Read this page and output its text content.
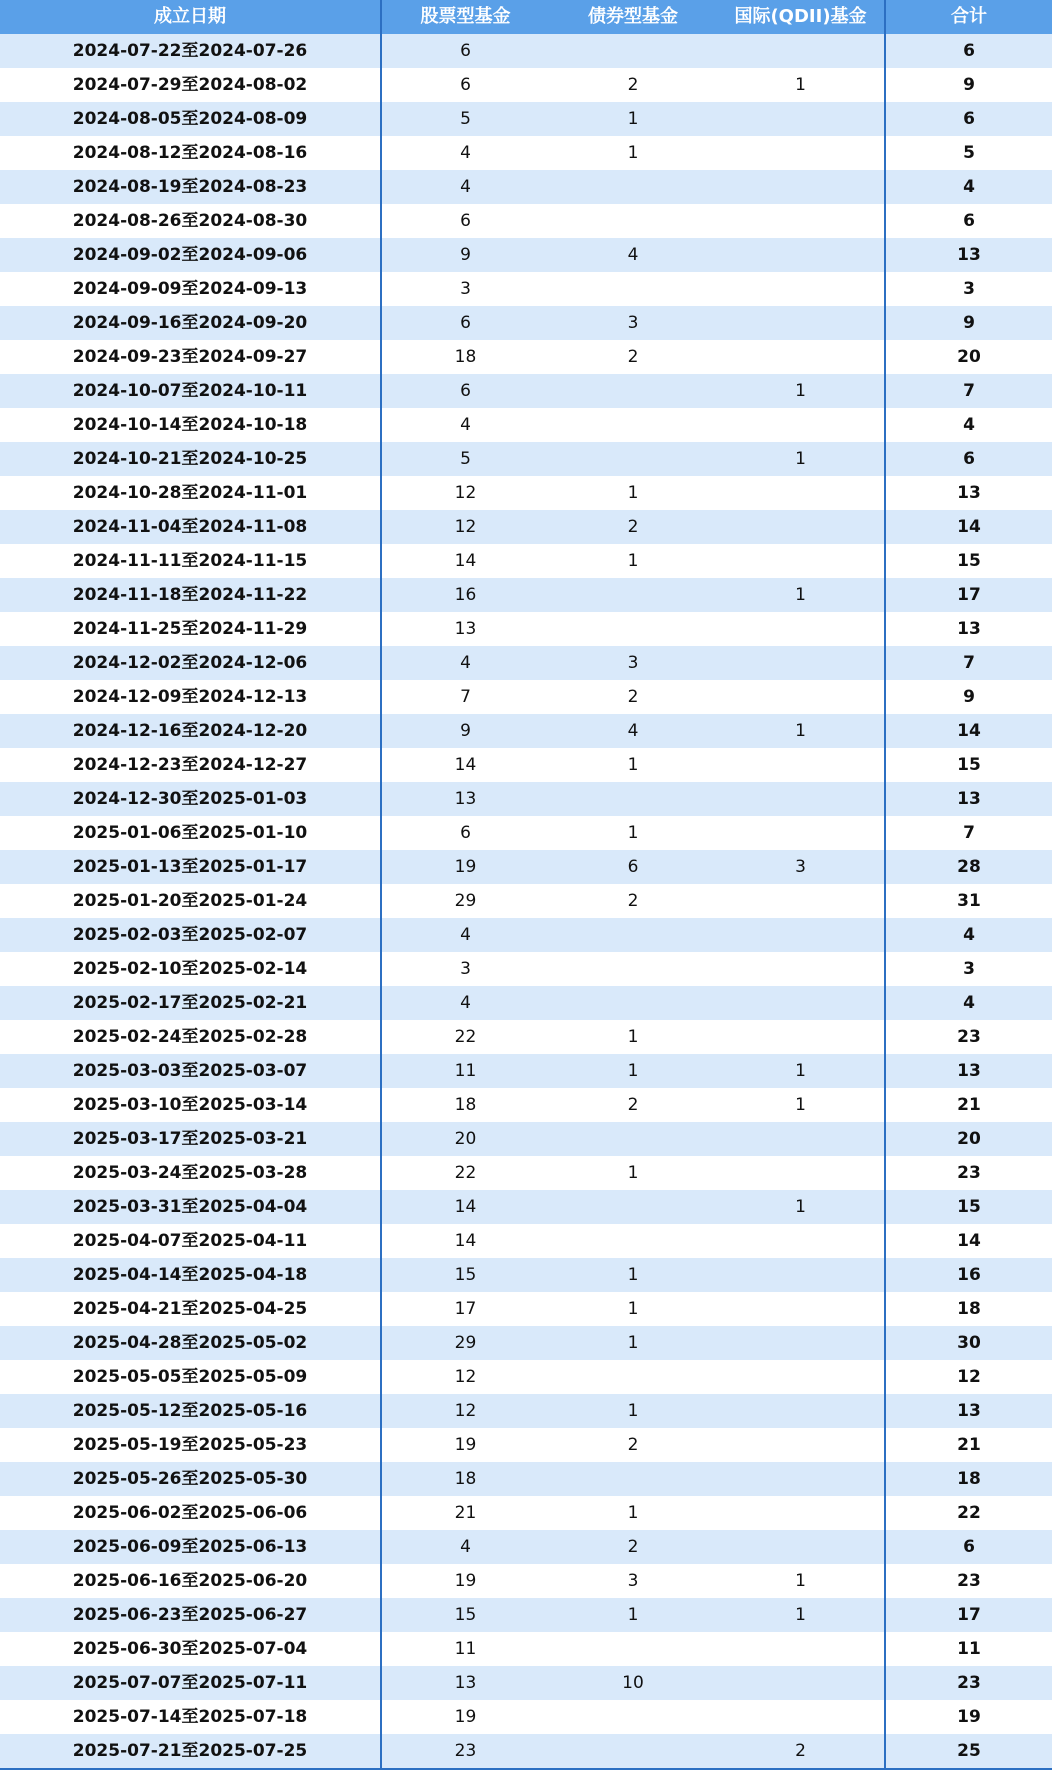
成立日期	股票型基金	债券型基金	国际(QDII)基金	合计
2024-07-22至2024-07-26	6			6
2024-07-29至2024-08-02	6	2	1	9
2024-08-05至2024-08-09	5	1		6
2024-08-12至2024-08-16	4	1		5
2024-08-19至2024-08-23	4			4
2024-08-26至2024-08-30	6			6
2024-09-02至2024-09-06	9	4		13
2024-09-09至2024-09-13	3			3
2024-09-16至2024-09-20	6	3		9
2024-09-23至2024-09-27	18	2		20
2024-10-07至2024-10-11	6		1	7
2024-10-14至2024-10-18	4			4
2024-10-21至2024-10-25	5		1	6
2024-10-28至2024-11-01	12	1		13
2024-11-04至2024-11-08	12	2		14
2024-11-11至2024-11-15	14	1		15
2024-11-18至2024-11-22	16		1	17
2024-11-25至2024-11-29	13			13
2024-12-02至2024-12-06	4	3		7
2024-12-09至2024-12-13	7	2		9
2024-12-16至2024-12-20	9	4	1	14
2024-12-23至2024-12-27	14	1		15
2024-12-30至2025-01-03	13			13
2025-01-06至2025-01-10	6	1		7
2025-01-13至2025-01-17	19	6	3	28
2025-01-20至2025-01-24	29	2		31
2025-02-03至2025-02-07	4			4
2025-02-10至2025-02-14	3			3
2025-02-17至2025-02-21	4			4
2025-02-24至2025-02-28	22	1		23
2025-03-03至2025-03-07	11	1	1	13
2025-03-10至2025-03-14	18	2	1	21
2025-03-17至2025-03-21	20			20
2025-03-24至2025-03-28	22	1		23
2025-03-31至2025-04-04	14		1	15
2025-04-07至2025-04-11	14			14
2025-04-14至2025-04-18	15	1		16
2025-04-21至2025-04-25	17	1		18
2025-04-28至2025-05-02	29	1		30
2025-05-05至2025-05-09	12			12
2025-05-12至2025-05-16	12	1		13
2025-05-19至2025-05-23	19	2		21
2025-05-26至2025-05-30	18			18
2025-06-02至2025-06-06	21	1		22
2025-06-09至2025-06-13	4	2		6
2025-06-16至2025-06-20	19	3	1	23
2025-06-23至2025-06-27	15	1	1	17
2025-06-30至2025-07-04	11			11
2025-07-07至2025-07-11	13	10		23
2025-07-14至2025-07-18	19			19
2025-07-21至2025-07-25	23		2	25
